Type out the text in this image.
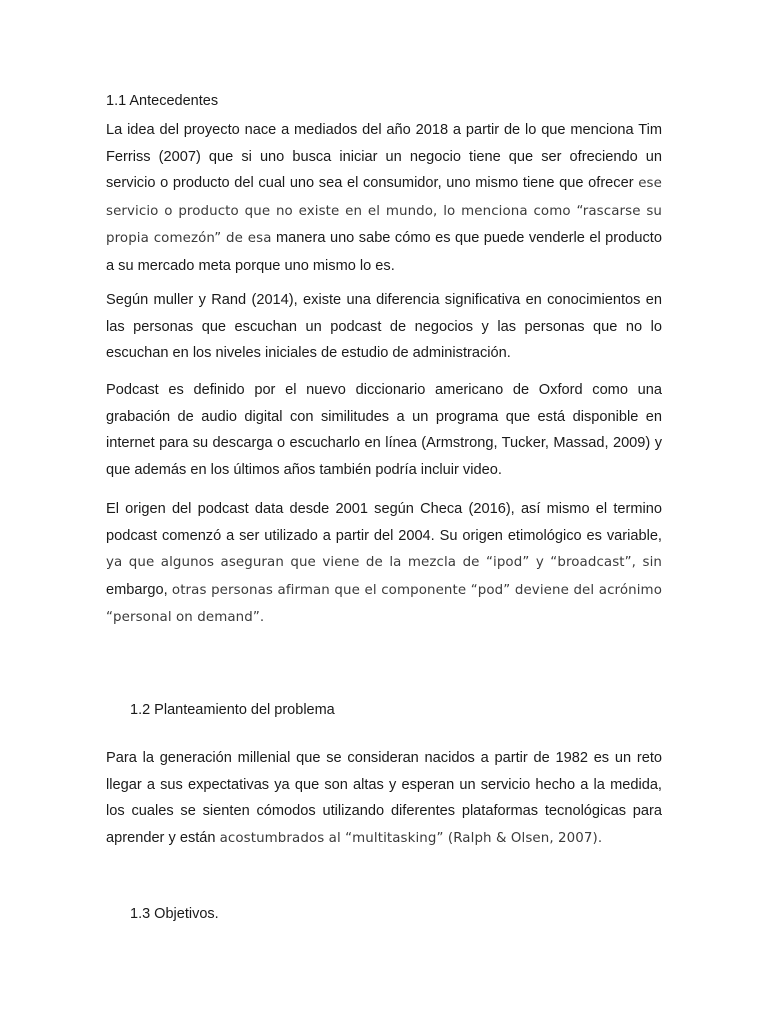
1.1 Antecedentes

La idea del proyecto nace a mediados del año 2018 a partir de lo que menciona Tim Ferriss (2007) que si uno busca iniciar un negocio tiene que ser ofreciendo un servicio o producto del cual uno sea el consumidor, uno mismo tiene que ofrecer ese servicio o producto que no existe en el mundo, lo menciona como “rascarse su propia comezón” de esa manera uno sabe cómo es que puede venderle el producto a su mercado meta porque uno mismo lo es.

Según muller y Rand (2014), existe una diferencia significativa en conocimientos en las personas que escuchan un podcast de negocios y las personas que no lo escuchan en los niveles iniciales de estudio de administración.

Podcast es definido por el nuevo diccionario americano de Oxford como una grabación de audio digital con similitudes a un programa que está disponible en internet para su descarga o escucharlo en línea (Armstrong, Tucker, Massad, 2009) y que además en los últimos años también podría incluir video.

El origen del podcast data desde 2001 según Checa (2016), así mismo el termino podcast comenzó a ser utilizado a partir del 2004. Su origen etimológico es variable, ya que algunos aseguran que viene de la mezcla de “ipod” y “broadcast”, sin embargo, otras personas afirman que el componente “pod” deviene del acrónimo “personal on demand”.

1.2 Planteamiento del problema

Para la generación millenial que se consideran nacidos a partir de 1982 es un reto llegar a sus expectativas ya que son altas y esperan un servicio hecho a la medida, los cuales se sienten cómodos utilizando diferentes plataformas tecnológicas para aprender y están acostumbrados al “multitasking” (Ralph & Olsen, 2007).

1.3 Objetivos.
